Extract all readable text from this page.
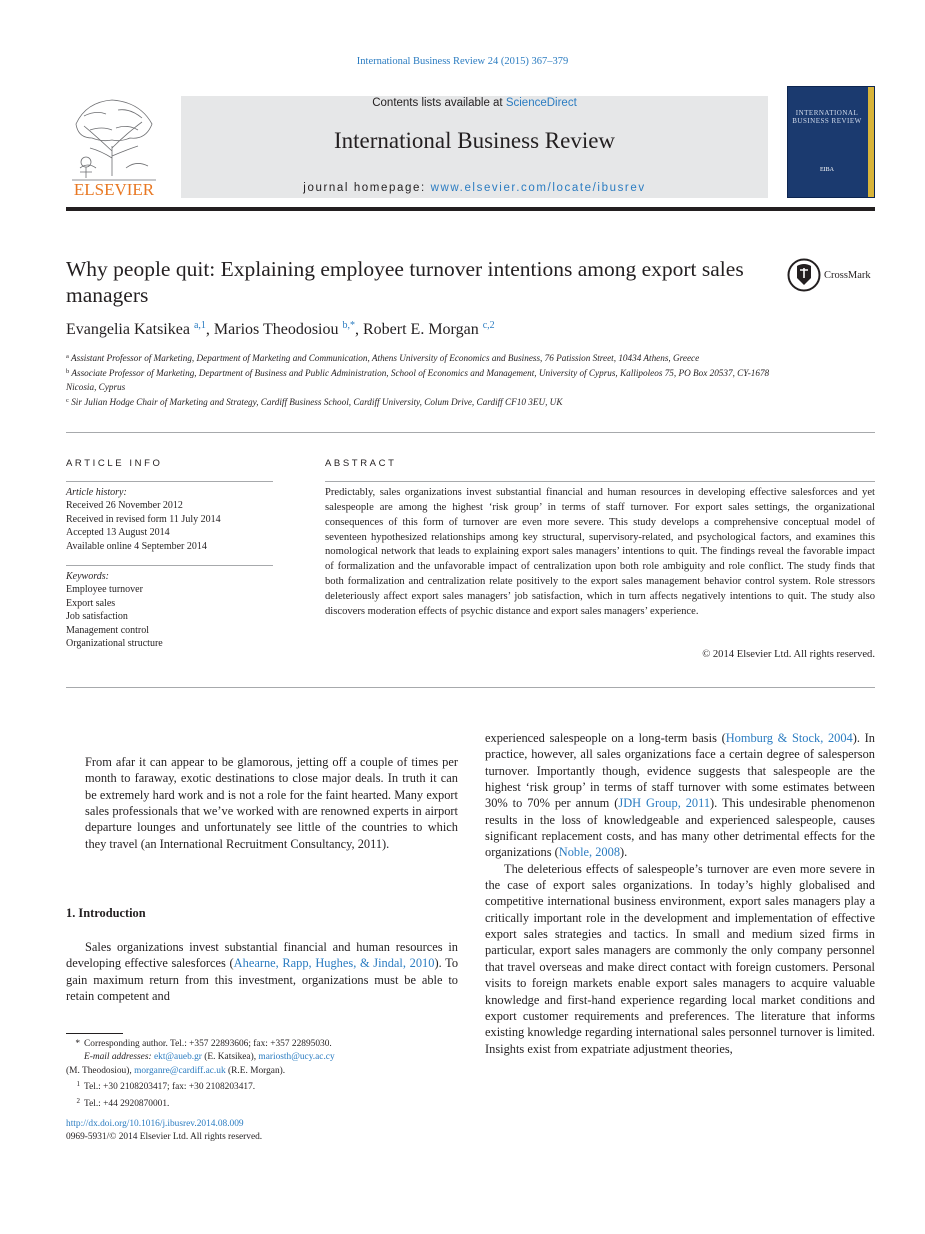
International Business Review 24 (2015) 367–379
ELSEVIER
Contents lists available at ScienceDirect
International Business Review
journal homepage: www.elsevier.com/locate/ibusrev
INTERNATIONAL BUSINESS REVIEW
EIBA
Why people quit: Explaining employee turnover intentions among export sales managers
CrossMark
Evangelia Katsikea $^{a,1}$, Marios Theodosiou $^{b,*}$, Robert E. Morgan $^{c,2}$
$^a$ Assistant Professor of Marketing, Department of Marketing and Communication, Athens University of Economics and Business, 76 Patission Street, 10434 Athens, Greece
$^b$ Associate Professor of Marketing, Department of Business and Public Administration, School of Economics and Management, University of Cyprus, Kallipoleos 75, PO Box 20537, CY-1678 Nicosia, Cyprus
$^c$ Sir Julian Hodge Chair of Marketing and Strategy, Cardiff Business School, Cardiff University, Colum Drive, Cardiff CF10 3EU, UK
ARTICLE INFO	ABSTRACT
Article history:
Received 26 November 2012
Received in revised form 11 July 2014
Accepted 13 August 2014
Available online 4 September 2014
Keywords:
Employee turnover
Export sales
Job satisfaction
Management control
Organizational structure
Predictably, sales organizations invest substantial financial and human resources in developing effective salesforces and yet salespeople are among the highest ‘risk group’ in terms of staff turnover. For export sales settings, the organizational consequences of this form of turnover are even more severe. This study develops a comprehensive conceptual model of seventeen hypothesized relationships among key structural, supervisory-related, and psychological factors, and examines this nomological network that leads to explaining export sales managers’ intentions to quit. The findings reveal the favorable impact of formalization and the unfavorable impact of centralization upon both role ambiguity and role conflict. The study finds that both formalization and centralization relate positively to the export sales management behavior control system. Role stressors deleteriously affect export sales managers’ job satisfaction, which in turn affects negatively intentions to quit. The study also discovers moderation effects of psychic distance and export sales managers’ experience.
© 2014 Elsevier Ltd. All rights reserved.
From afar it can appear to be glamorous, jetting off a couple of times per month to faraway, exotic destinations to close major deals. In truth it can be extremely hard work and is not a role for the faint hearted. Many export sales professionals that we’ve worked with are renowned experts in airport departure lounges and unfortunately see little of the countries to which they travel (an International Recruitment Consultancy, 2011).
1. Introduction
Sales organizations invest substantial financial and human resources in developing effective salesforces (Ahearne, Rapp, Hughes, & Jindal, 2010). To gain maximum return from this investment, organizations must be able to retain competent and
* Corresponding author. Tel.: +357 22893606; fax: +357 22895030.
E-mail addresses: ekt@aueb.gr (E. Katsikea), mariosth@ucy.ac.cy
(M. Theodosiou), morganre@cardiff.ac.uk (R.E. Morgan).
1 Tel.: +30 2108203417; fax: +30 2108203417.
2 Tel.: +44 2920870001.
http://dx.doi.org/10.1016/j.ibusrev.2014.08.009
0969-5931/© 2014 Elsevier Ltd. All rights reserved.

experienced salespeople on a long-term basis (Homburg & Stock, 2004). In practice, however, all sales organizations face a certain degree of salesperson turnover. Importantly though, evidence suggests that salespeople are the highest ‘risk group’ in terms of staff turnover with some estimates between 30% to 70% per annum (JDH Group, 2011). This undesirable phenomenon results in the loss of knowledgeable and experienced salespeople, causes significant replacement costs, and has many other detrimental effects for the organizations (Noble, 2008).

The deleterious effects of salespeople’s turnover are even more severe in the case of export sales organizations. In today’s highly globalised and competitive international business environment, export sales managers play a critically important role in the development and implementation of effective export sales strategies and tactics. In small and medium sized firms in particular, export sales managers are commonly the only company personnel that travel overseas and make direct contact with foreign customers. Personal visits to foreign markets enable export sales managers to acquire valuable knowledge and first-hand experience regarding local market conditions and export customer requirements and preferences. The literature that informs existing knowledge regarding international sales personnel turnover is limited. Insights exist from expatriate adjustment theories,
